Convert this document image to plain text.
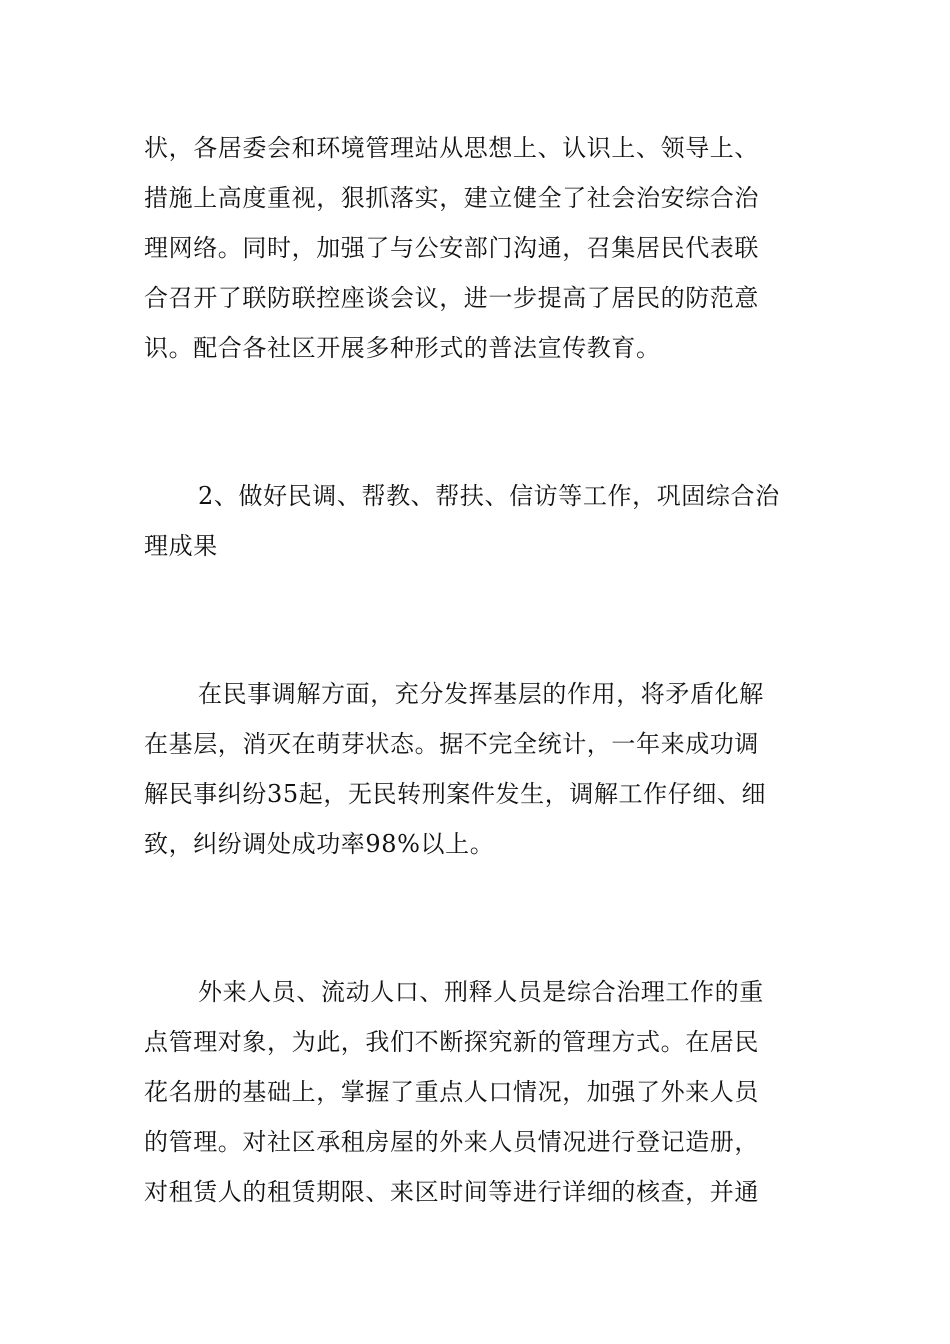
状，各居委会和环境管理站从思想上、认识上、领导上、
措施上高度重视，狠抓落实，建立健全了社会治安综合治
理网络。同时，加强了与公安部门沟通，召集居民代表联
合召开了联防联控座谈会议，进一步提高了居民的防范意
识。配合各社区开展多种形式的普法宣传教育。
2、做好民调、帮教、帮扶、信访等工作，巩固综合治
理成果
在民事调解方面，充分发挥基层的作用，将矛盾化解
在基层，消灭在萌芽状态。据不完全统计，一年来成功调
解民事纠纷35起，无民转刑案件发生，调解工作仔细、细
致，纠纷调处成功率98%以上。
外来人员、流动人口、刑释人员是综合治理工作的重
点管理对象，为此，我们不断探究新的管理方式。在居民
花名册的基础上，掌握了重点人口情况，加强了外来人员
的管理。对社区承租房屋的外来人员情况进行登记造册，
对租赁人的租赁期限、来区时间等进行详细的核查，并通
